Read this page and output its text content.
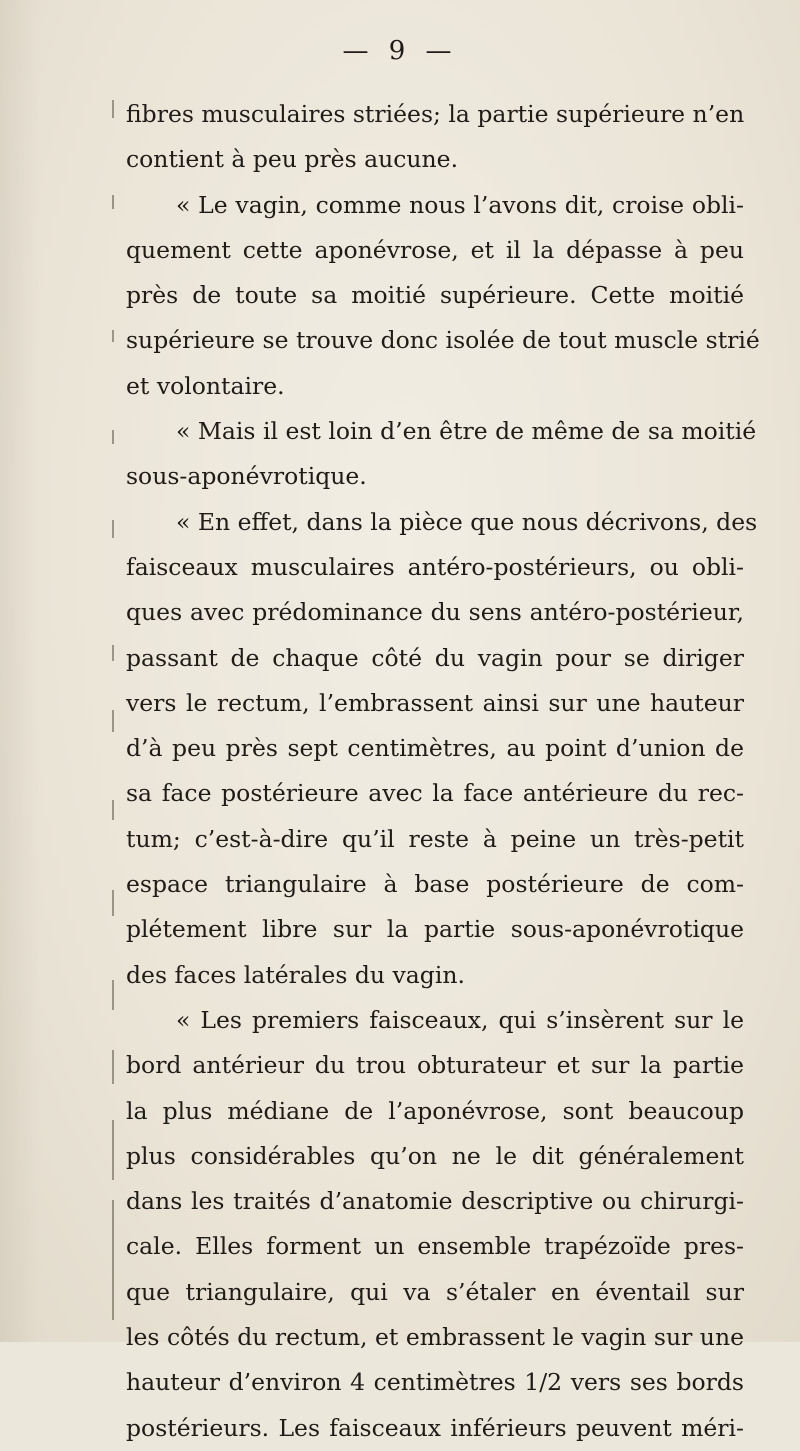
— 9 —
fibres musculaires striées; la partie supérieure n’en
contient à peu près aucune.
« Le vagin, comme nous l’avons dit, croise obli-
quement cette aponévrose, et il la dépasse à peu
près de toute sa moitié supérieure. Cette moitié
supérieure se trouve donc isolée de tout muscle strié
et volontaire.
« Mais il est loin d’en être de même de sa moitié
sous-aponévrotique.
« En effet, dans la pièce que nous décrivons, des
faisceaux musculaires antéro-postérieurs, ou obli-
ques avec prédominance du sens antéro-postérieur,
passant de chaque côté du vagin pour se diriger
vers le rectum, l’embrassent ainsi sur une hauteur
d’à peu près sept centimètres, au point d’union de
sa face postérieure avec la face antérieure du rec-
tum; c’est-à-dire qu’il reste à peine un très-petit
espace triangulaire à base postérieure de com-
plétement libre sur la partie sous-aponévrotique
des faces latérales du vagin.
« Les premiers faisceaux, qui s’insèrent sur le
bord antérieur du trou obturateur et sur la partie
la plus médiane de l’aponévrose, sont beaucoup
plus considérables qu’on ne le dit généralement
dans les traités d’anatomie descriptive ou chirurgi-
cale. Elles forment un ensemble trapézoïde pres-
que triangulaire, qui va s’étaler en éventail sur
les côtés du rectum, et embrassent le vagin sur une
hauteur d’environ 4 centimètres 1/2 vers ses bords
postérieurs. Les faisceaux inférieurs peuvent méri-
